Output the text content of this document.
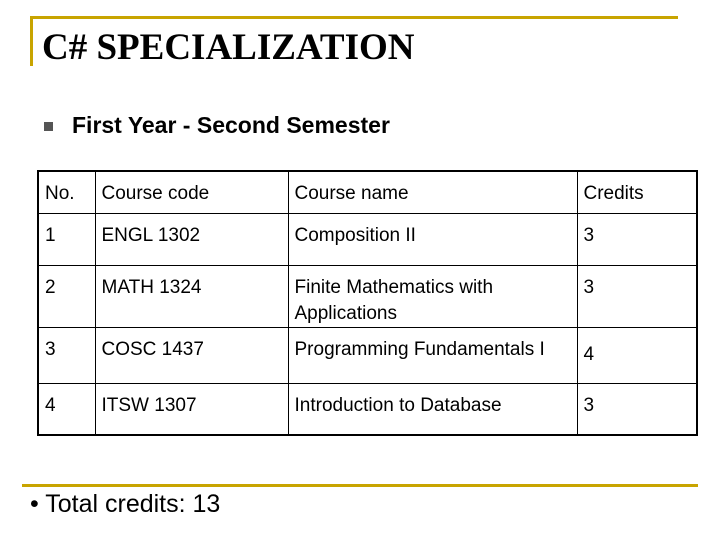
C# SPECIALIZATION
First Year - Second Semester
No.	Course code	Course name	Credits
1	ENGL 1302	Composition II	3
2	MATH 1324	Finite Mathematics with Applications	3
3	COSC 1437	Programming Fundamentals I	4
4	ITSW 1307	Introduction to Database	3
• Total credits: 13
